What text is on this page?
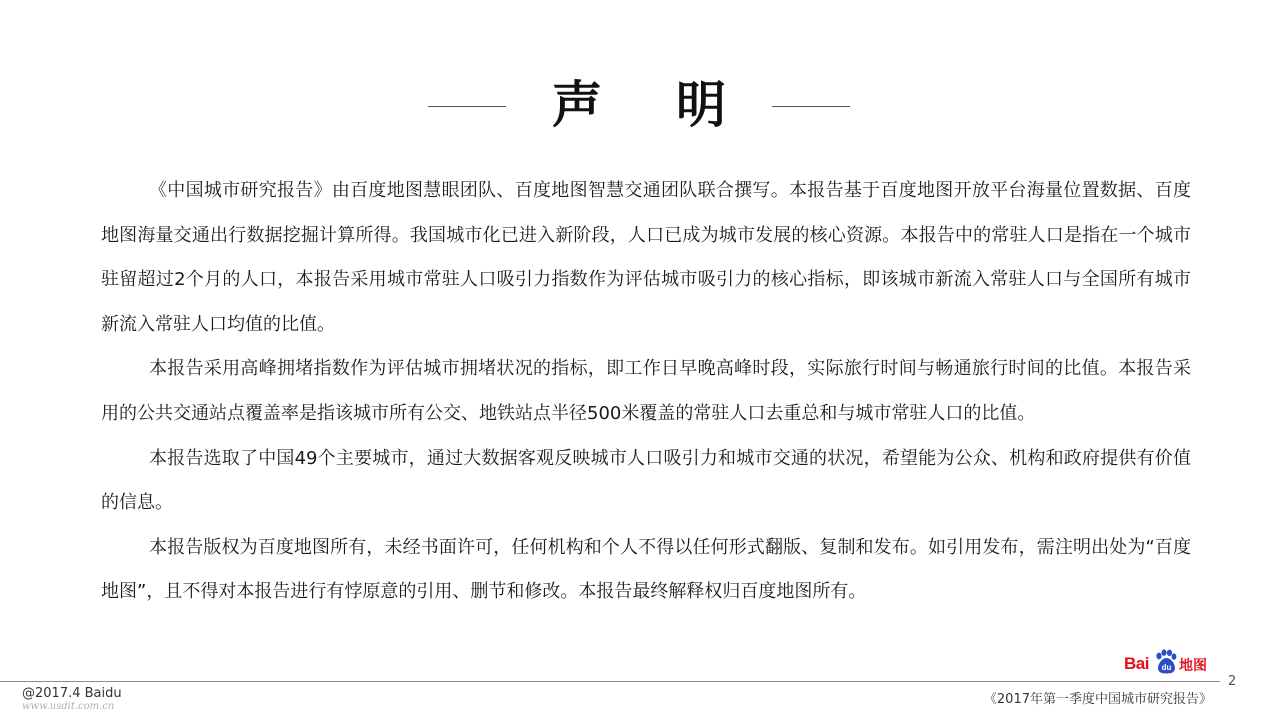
声 明

《中国城市研究报告》由百度地图慧眼团队、百度地图智慧交通团队联合撰写。本报告基于百度地图开放平台海量位置数据、百度地图海量交通出行数据挖掘计算所得。我国城市化已进入新阶段，人口已成为城市发展的核心资源。本报告中的常驻人口是指在一个城市驻留超过2个月的人口，本报告采用城市常驻人口吸引力指数作为评估城市吸引力的核心指标，即该城市新流入常驻人口与全国所有城市新流入常驻人口均值的比值。

本报告采用高峰拥堵指数作为评估城市拥堵状况的指标，即工作日早晚高峰时段，实际旅行时间与畅通旅行时间的比值。本报告采用的公共交通站点覆盖率是指该城市所有公交、地铁站点半径500米覆盖的常驻人口去重总和与城市常驻人口的比值。

本报告选取了中国49个主要城市，通过大数据客观反映城市人口吸引力和城市交通的状况，希望能为公众、机构和政府提供有价值的信息。

本报告版权为百度地图所有，未经书面许可，任何机构和个人不得以任何形式翻版、复制和发布。如引用发布，需注明出处为“百度地图”，且不得对本报告进行有悖原意的引用、删节和修改。本报告最终解释权归百度地图所有。

Bai du 地图
2
@2017.4 Baidu
www.usdit.com.cn	《2017年第一季度中国城市研究报告》
